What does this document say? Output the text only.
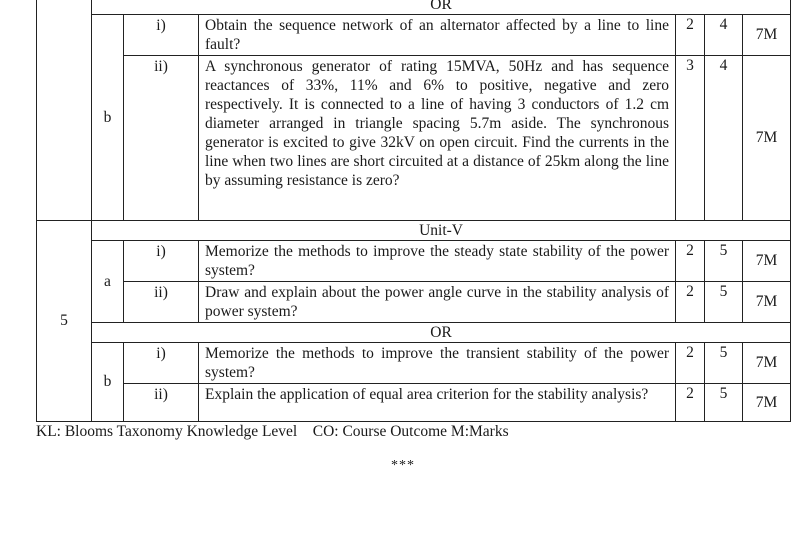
	OR					
	b	i)	Obtain the sequence network of an alternator affected by a line to line fault?	2	4	7M
		ii)	A synchronous generator of rating 15MVA, 50Hz and has sequence reactances of 33%, 11% and 6% to positive, negative and zero respectively. It is connected to a line of having 3 conductors of 1.2 cm diameter arranged in triangle spacing 5.7m aside. The synchronous generator is excited to give 32kV on open circuit. Find the currents in the line when two lines are short circuited at a distance of 25km along the line by assuming resistance is zero?	3	4	7M
5	Unit-V					
	a	i)	Memorize the methods to improve the steady state stability of the power system?	2	5	7M
		ii)	Draw and explain about the power angle curve in the stability analysis of power system?	2	5	7M
	OR					
	b	i)	Memorize the methods to improve the transient stability of the power system?	2	5	7M
		ii)	Explain the application of equal area criterion for the stability analysis?	2	5	7M
KL: Blooms Taxonomy Knowledge Level    CO: Course Outcome M:Marks
***
